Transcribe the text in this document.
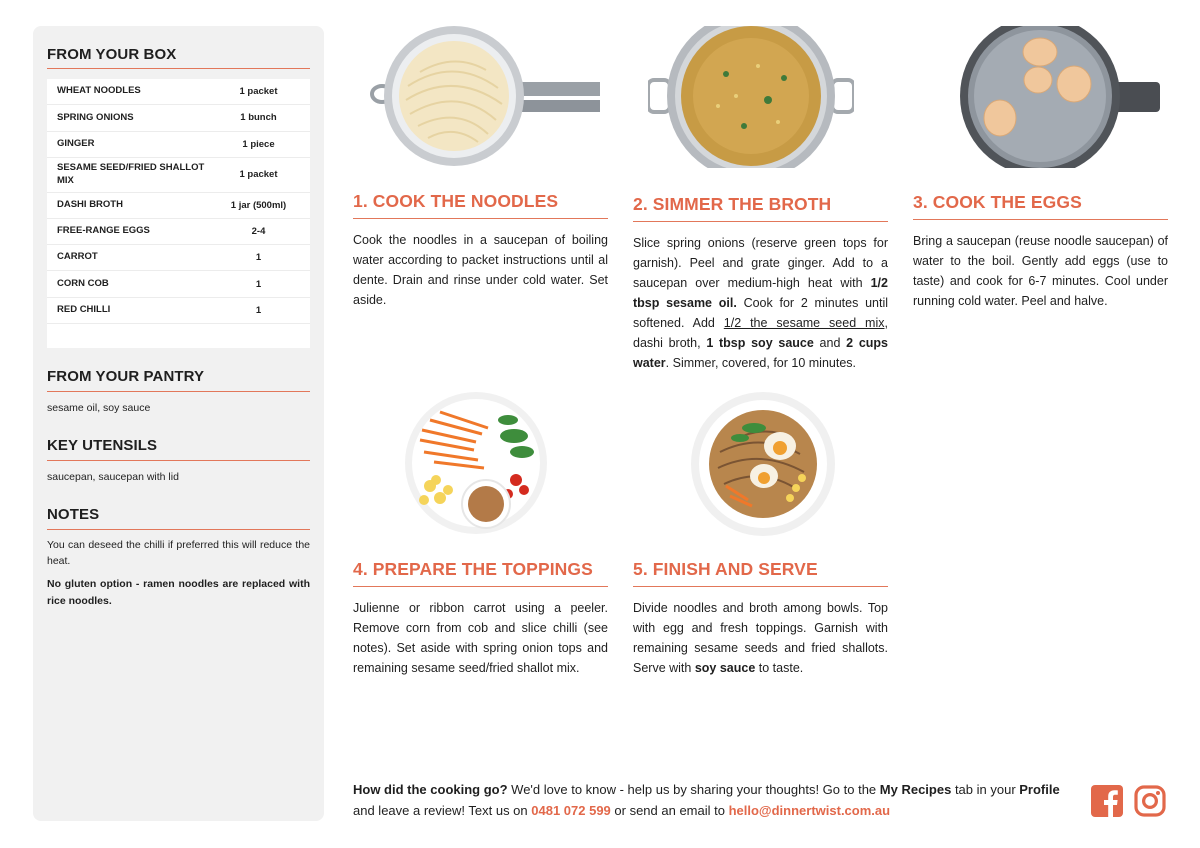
FROM YOUR BOX
WHEAT NOODLES	1 packet
SPRING ONIONS	1 bunch
GINGER	1 piece
SESAME SEED/FRIED SHALLOT MIX	1 packet
DASHI BROTH	1 jar (500ml)
FREE-RANGE EGGS	2-4
CARROT	1
CORN COB	1
RED CHILLI	1
FROM YOUR PANTRY
sesame oil, soy sauce
KEY UTENSILS
saucepan, saucepan with lid
NOTES

You can deseed the chilli if preferred this will reduce the heat.

No gluten option - ramen noodles are replaced with rice noodles.

1. COOK THE NOODLES

Cook the noodles in a saucepan of boiling water according to packet instructions until al dente. Drain and rinse under cold water. Set aside.

2. SIMMER THE BROTH

Slice spring onions (reserve green tops for garnish). Peel and grate ginger. Add to a saucepan over medium-high heat with 1/2 tbsp sesame oil. Cook for 2 minutes until softened. Add 1/2 the sesame seed mix, dashi broth, 1 tbsp soy sauce and 2 cups water. Simmer, covered, for 10 minutes.

3. COOK THE EGGS

Bring a saucepan (reuse noodle saucepan) of water to the boil. Gently add eggs (use to taste) and cook for 6-7 minutes. Cool under running cold water. Peel and halve.

4. PREPARE THE TOPPINGS

Julienne or ribbon carrot using a peeler. Remove corn from cob and slice chilli (see notes). Set aside with spring onion tops and remaining sesame seed/fried shallot mix.

5. FINISH AND SERVE

Divide noodles and broth among bowls. Top with egg and fresh toppings. Garnish with remaining sesame seeds and fried shallots. Serve with soy sauce to taste.

How did the cooking go? We'd love to know - help us by sharing your thoughts! Go to the My Recipes tab in your Profile and leave a review! Text us on 0481 072 599 or send an email to hello@dinnertwist.com.au
